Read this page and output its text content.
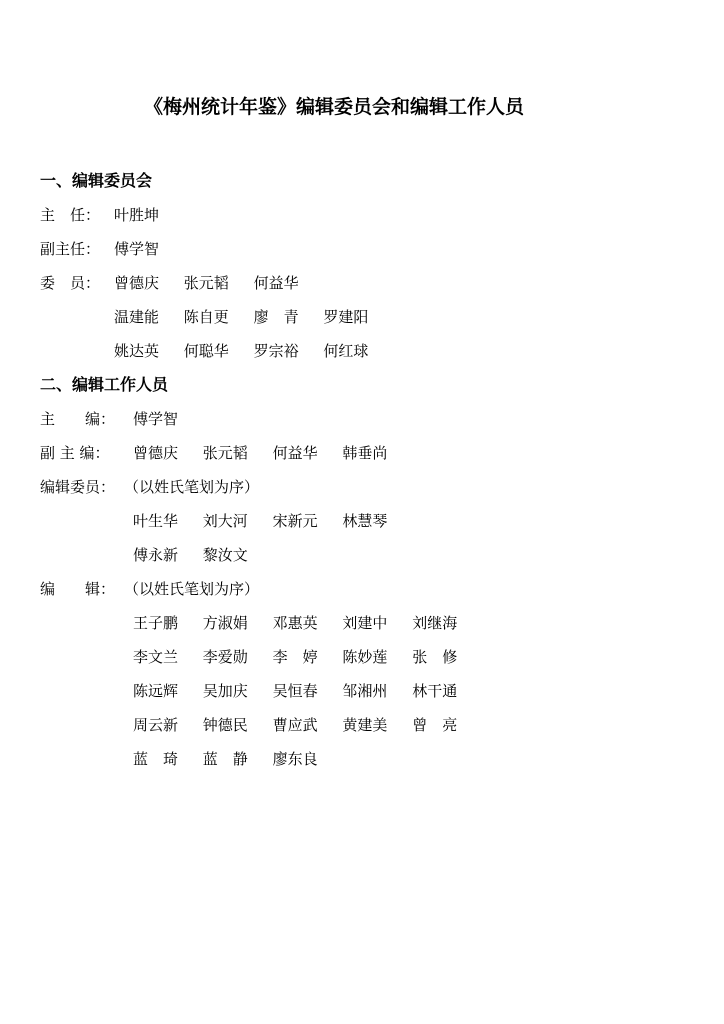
《梅州统计年鉴》编辑委员会和编辑工作人员
一、编辑委员会
主　任： 叶胜坤
副主任： 傅学智
委　员： 曾德庆 张元韬 何益华
温建能 陈自更 廖　青 罗建阳
姚达英 何聪华 罗宗裕 何红球
二、编辑工作人员
主　　编： 傅学智
副 主 编： 曾德庆 张元韬 何益华 韩垂尚
编辑委员： （以姓氏笔划为序）
叶生华 刘大河 宋新元 林慧琴
傅永新 黎汝文
编　　辑： （以姓氏笔划为序）
王子鹏 方淑娟 邓惠英 刘建中 刘继海
李文兰 李爱勋 李　婷 陈妙莲 张　修
陈远辉 吴加庆 吴恒春 邹湘州 林干通
周云新 钟德民 曹应武 黄建美 曾　亮
蓝　琦 蓝　静 廖东良
